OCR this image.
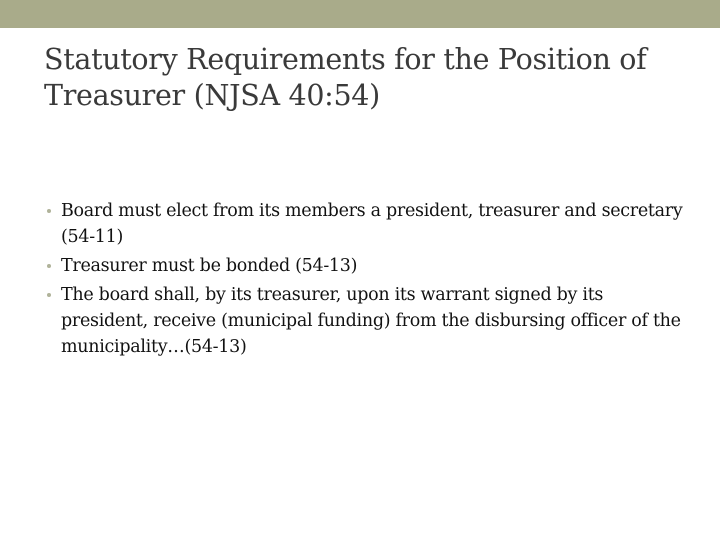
Statutory Requirements for the Position of
Treasurer (NJSA 40:54)
Board must elect from its members a president, treasurer and secretary (54-11)
Treasurer must be bonded (54-13)
The board shall, by its treasurer, upon its warrant signed by its president, receive (municipal funding) from the disbursing officer of the municipality…(54-13)
